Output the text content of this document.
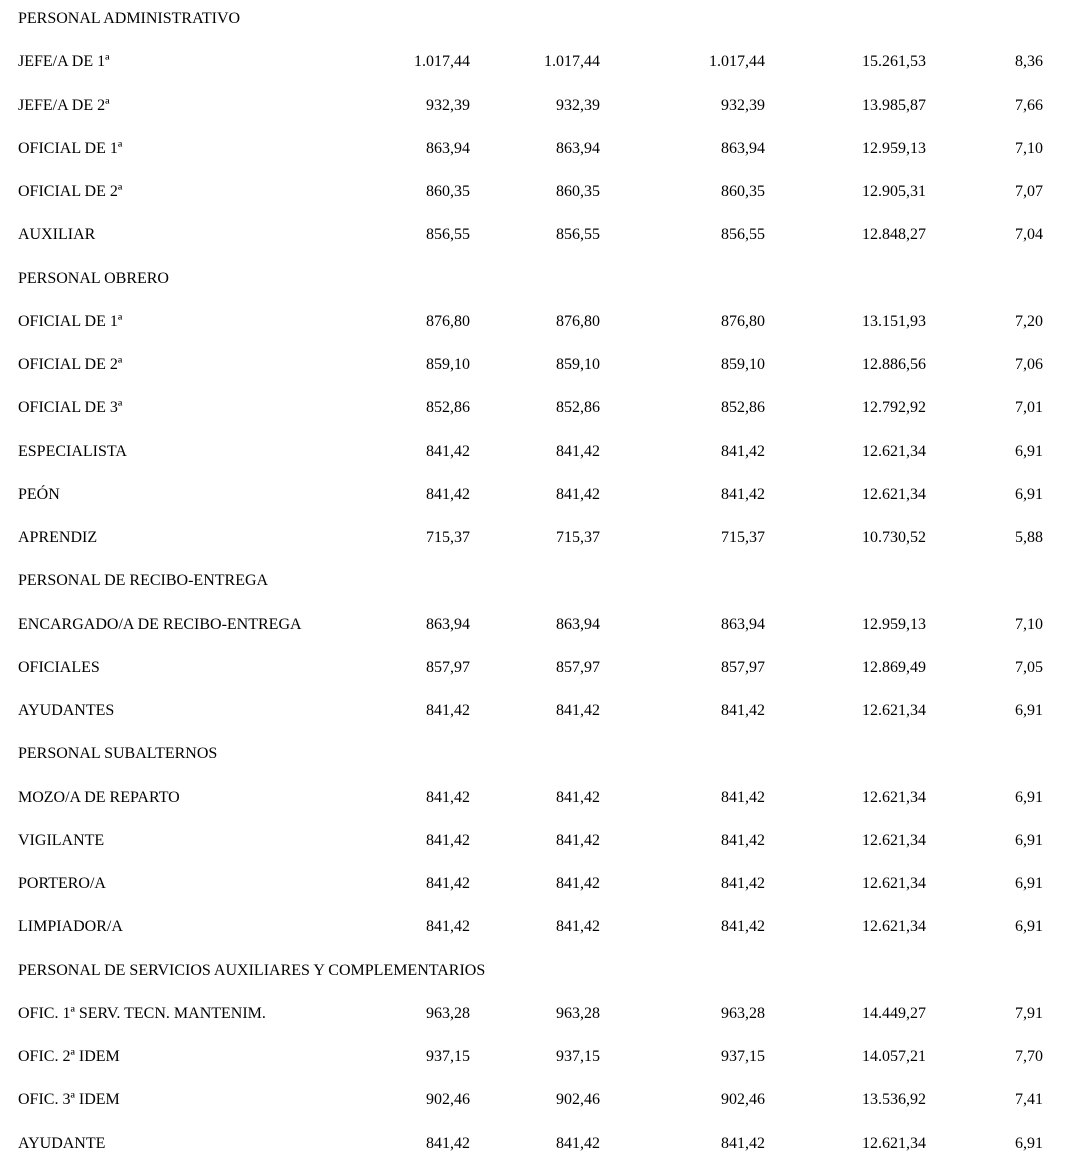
PERSONAL ADMINISTRATIVO
JEFE/A DE 1ª	1.017,44	1.017,44	1.017,44	15.261,53	8,36
JEFE/A DE 2ª	932,39	932,39	932,39	13.985,87	7,66
OFICIAL DE 1ª	863,94	863,94	863,94	12.959,13	7,10
OFICIAL DE 2ª	860,35	860,35	860,35	12.905,31	7,07
AUXILIAR	856,55	856,55	856,55	12.848,27	7,04
PERSONAL OBRERO
OFICIAL DE 1ª	876,80	876,80	876,80	13.151,93	7,20
OFICIAL DE 2ª	859,10	859,10	859,10	12.886,56	7,06
OFICIAL DE 3ª	852,86	852,86	852,86	12.792,92	7,01
ESPECIALISTA	841,42	841,42	841,42	12.621,34	6,91
PEÓN	841,42	841,42	841,42	12.621,34	6,91
APRENDIZ	715,37	715,37	715,37	10.730,52	5,88
PERSONAL DE RECIBO-ENTREGA
ENCARGADO/A DE RECIBO-ENTREGA	863,94	863,94	863,94	12.959,13	7,10
OFICIALES	857,97	857,97	857,97	12.869,49	7,05
AYUDANTES	841,42	841,42	841,42	12.621,34	6,91
PERSONAL SUBALTERNOS
MOZO/A DE REPARTO	841,42	841,42	841,42	12.621,34	6,91
VIGILANTE	841,42	841,42	841,42	12.621,34	6,91
PORTERO/A	841,42	841,42	841,42	12.621,34	6,91
LIMPIADOR/A	841,42	841,42	841,42	12.621,34	6,91
PERSONAL DE SERVICIOS AUXILIARES Y COMPLEMENTARIOS
OFIC. 1ª SERV. TECN. MANTENIM.	963,28	963,28	963,28	14.449,27	7,91
OFIC. 2ª IDEM	937,15	937,15	937,15	14.057,21	7,70
OFIC. 3ª IDEM	902,46	902,46	902,46	13.536,92	7,41
AYUDANTE	841,42	841,42	841,42	12.621,34	6,91
